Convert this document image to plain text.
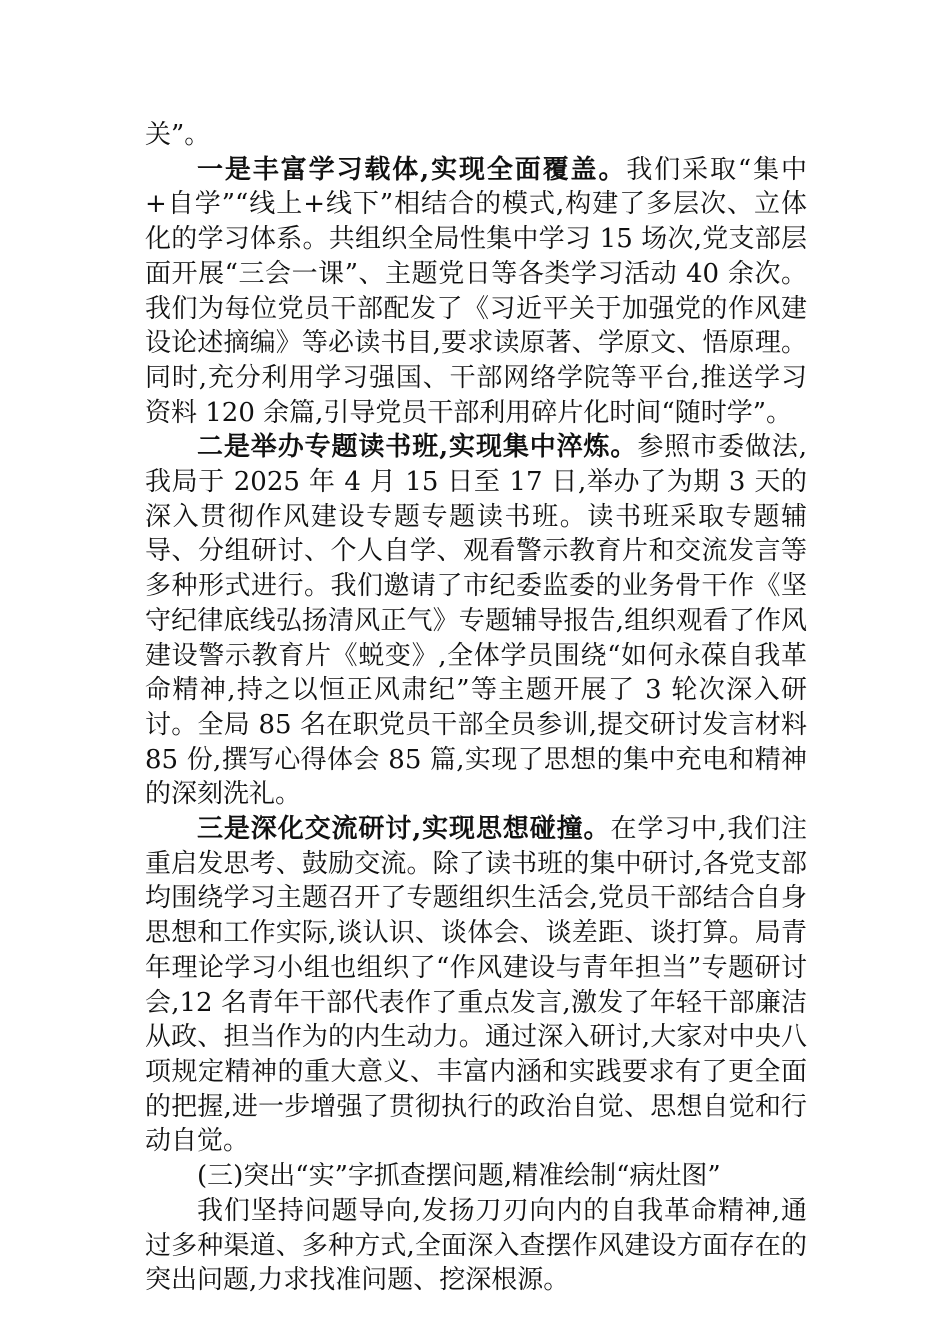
关”。

一是丰富学习载体,实现全面覆盖。我们采取“集中+自学”“线上+线下”相结合的模式,构建了多层次、立体化的学习体系。共组织全局性集中学习 15 场次,党支部层面开展“三会一课”、主题党日等各类学习活动 40 余次。我们为每位党员干部配发了《习近平关于加强党的作风建设论述摘编》等必读书目,要求读原著、学原文、悟原理。同时,充分利用学习强国、干部网络学院等平台,推送学习资料 120 余篇,引导党员干部利用碎片化时间“随时学”。

二是举办专题读书班,实现集中淬炼。参照市委做法,我局于 2025 年 4 月 15 日至 17 日,举办了为期 3 天的深入贯彻作风建设专题专题读书班。读书班采取专题辅导、分组研讨、个人自学、观看警示教育片和交流发言等多种形式进行。我们邀请了市纪委监委的业务骨干作《坚守纪律底线弘扬清风正气》专题辅导报告,组织观看了作风建设警示教育片《蜕变》,全体学员围绕“如何永葆自我革命精神,持之以恒正风肃纪”等主题开展了 3 轮次深入研讨。全局 85 名在职党员干部全员参训,提交研讨发言材料 85 份,撰写心得体会 85 篇,实现了思想的集中充电和精神的深刻洗礼。

三是深化交流研讨,实现思想碰撞。在学习中,我们注重启发思考、鼓励交流。除了读书班的集中研讨,各党支部均围绕学习主题召开了专题组织生活会,党员干部结合自身思想和工作实际,谈认识、谈体会、谈差距、谈打算。局青年理论学习小组也组织了“作风建设与青年担当”专题研讨会,12 名青年干部代表作了重点发言,激发了年轻干部廉洁从政、担当作为的内生动力。通过深入研讨,大家对中央八项规定精神的重大意义、丰富内涵和实践要求有了更全面的把握,进一步增强了贯彻执行的政治自觉、思想自觉和行动自觉。

(三)突出“实”字抓查摆问题,精准绘制“病灶图”

我们坚持问题导向,发扬刀刃向内的自我革命精神,通过多种渠道、多种方式,全面深入查摆作风建设方面存在的突出问题,力求找准问题、挖深根源。
